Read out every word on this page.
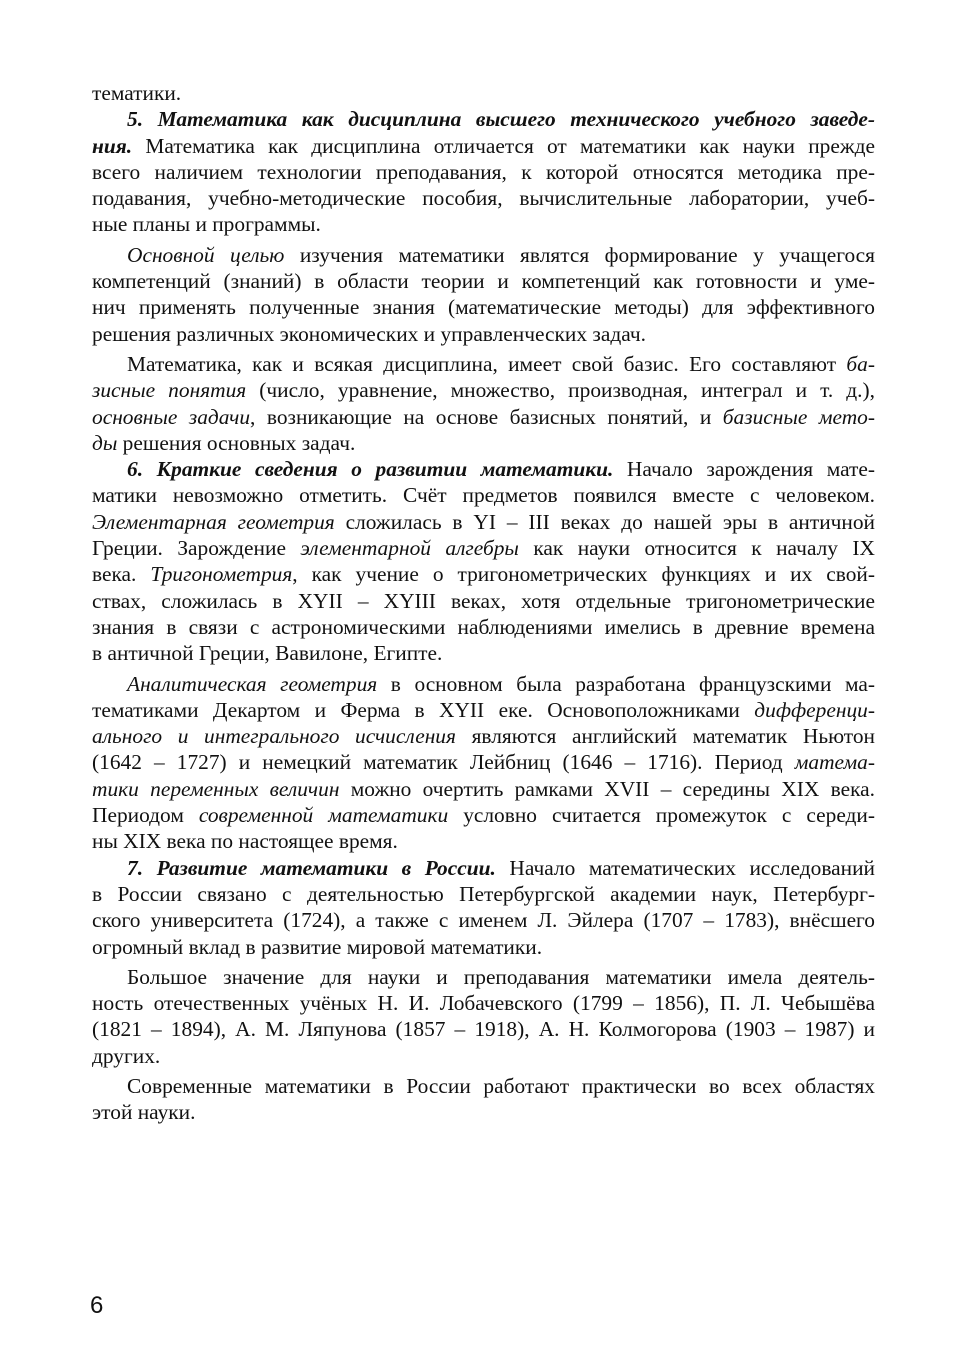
тематики.
5. Математика как дисциплина высшего технического учебного заведе-
ния. Математика как дисциплина отличается от математики как науки прежде
всего наличием технологии преподавания, к которой относятся методика пре-
подавания, учебно-методические пособия, вычислительные лаборатории, учеб-
ные планы и программы.
Основной целью изучения математики являтся формирование у учащегося
компетенций (знаний) в области теории и компетенций как готовности и уме-
нич применять полученные знания (математические методы) для эффективного
решения различных экономических и управленческих задач.
Математика, как и всякая дисциплина, имеет свой базис. Его составляют ба-
зисные понятия (число, уравнение, множество, производная, интеграл и т. д.),
основные задачи, возникающие на основе базисных понятий, и базисные мето-
ды решения основных задач.
6. Краткие сведения о развитии математики. Начало зарождения мате-
матики невозможно отметить. Счёт предметов появился вместе с человеком.
Элементарная геометрия сложилась в YI – III веках до нашей эры в античной
Греции. Зарождение элементарной алгебры как науки относится к началу IX
века. Тригонометрия, как учение о тригонометрических функциях и их свой-
ствах, сложилась в XYII – XYIII веках, хотя отдельные тригонометрические
знания в связи с астрономическими наблюдениями имелись в древние времена
в античной Греции, Вавилоне, Египте.
Аналитическая геометрия в основном была разработана французскими ма-
тематиками Декартом и Ферма в XYII еке. Основоположниками дифференци-
ального и интегрального исчисления являются английский математик Ньютон
(1642 – 1727) и немецкий математик Лейбниц (1646 – 1716). Период матема-
тики переменных величин можно очертить рамками XVII – середины XIX века.
Периодом современной математики условно считается промежуток с середи-
ны XIX века по настоящее время.
7. Развитие математики в России. Начало математических исследований
в России связано с деятельностью Петербургской академии наук, Петербург-
ского университета (1724), а также с именем Л. Эйлера (1707 – 1783), внёсшего
огромный вклад в развитие мировой математики.
Большое значение для науки и преподавания математики имела деятель-
ность отечественных учёных Н. И. Лобачевского (1799 – 1856), П. Л. Чебышёва
(1821 – 1894), А. М. Ляпунова (1857 – 1918), А. Н. Колмогорова (1903 – 1987) и
других.
Современные математики в России работают практически во всех областях
этой науки.
6
